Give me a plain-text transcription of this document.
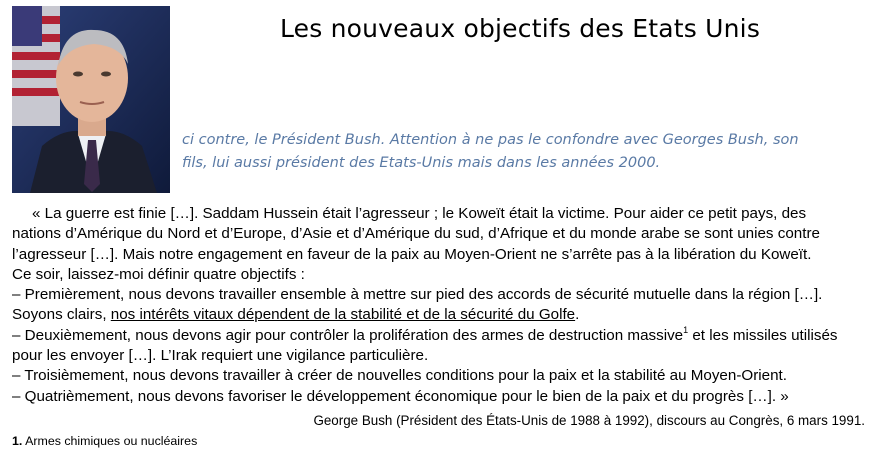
Les nouveaux objectifs des Etats Unis
ci contre, le Président Bush. Attention à ne pas le confondre avec Georges Bush, son
fils, lui aussi président des Etats-Unis mais dans les années 2000.

« La guerre est finie […]. Saddam Hussein était l’agresseur ; le Koweït était la victime. Pour aider ce petit pays, des

nations d’Amérique du Nord et d’Europe, d’Asie et d’Amérique du sud, d’Afrique et du monde arabe se sont unies contre

l’agresseur […]. Mais notre engagement en faveur de la paix au Moyen-Orient ne s’arrête pas à la libération du Koweït.

Ce soir, laissez-moi définir quatre objectifs :

– Premièrement, nous devons travailler ensemble à mettre sur pied des accords de sécurité mutuelle dans la région […].

Soyons clairs, nos intérêts vitaux dépendent de la stabilité et de la sécurité du Golfe.

– Deuxièmement, nous devons agir pour contrôler la prolifération des armes de destruction massive$^1$ et les missiles utilisés

pour les envoyer […]. L’Irak requiert une vigilance particulière.

– Troisièmement, nous devons travailler à créer de nouvelles conditions pour la paix et la stabilité au Moyen-Orient.

– Quatrièmement, nous devons favoriser le développement économique pour le bien de la paix et du progrès […]. »

George Bush (Président des États-Unis de 1988 à 1992), discours au Congrès, 6 mars 1991.
1. Armes chimiques ou nucléaires
